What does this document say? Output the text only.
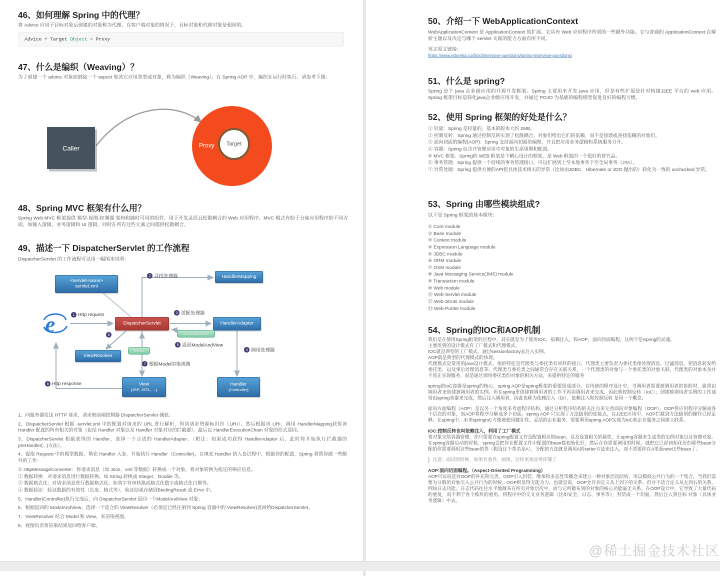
46、如何理解 Spring 中的代理？
将 Advice 应用于目标对象后创建的对象称为代理。在客户端对象的情况下，目标对象和代理对象是相同的。
Advice + Target Object = Proxy
47、什么是编织（Weaving）？
为了创建一个 advice 对象而链接一个 aspect 和其它应用类型或对象，称为编织（Weaving）。在 Spring AOP 中，编织在运行时执行。请参考下图：
Caller	Proxy Target
48、Spring MVC 框架有什么用？
Spring Web MVC 框架提供 模型-视图-控制器 架构和随时可用的组件，用于开发灵活且松散耦合的 Web 应用程序。MVC 模式有助于分离应用程序的不同方面，如输入逻辑，业务逻辑和 UI 逻辑，同时在所有这些元素之间提供松散耦合。
49、描述一下 DispatcherServlet 的工作流程
DispatcherServlet 的工作流程可以用一幅图来说明：
<servlet-name>
servlet.xml
HandlerMapping
DispatcherServlet	HandlerAdapter
ViewResolver
View
(JSP, JSTL, ...)
Handler
(Controller)
ModelAndView
Model
e 1 Http request
2 寻找处理器
3 适配处理器
4 调用处理器
5 返回ModelAndView
6
7 根据Model渲染视图
8 Http response
1、向服务器发送 HTTP 请求，请求被前端控制器 DispatcherServlet 捕获。
2、DispatcherServlet 根据 -servlet.xml 中的配置对请求的 URL 进行解析，得到请求资源标识符（URI）。然后根据该 URI，调用 HandlerMapping获得该 Handler 配置的所有相关的对象（包括 Handler 对象以及 Handler 对象对应的拦截器），最后以 HandlerExecutionChain 对象的形式返回。
3、DispatcherServlet 根据获得的 Handler，选择一个合适的 HandlerAdapter。（附注：如果成功获得 HandlerAdapter 后，此时将开始执行拦截器的 preHandler(...)方法）。
4、提取 Request 中的模型数据，填充 Handler 入参，开始执行 Handler（Controller)。在填充 Handler 的入参过程中，根据你的配置，Spring 将帮你做一些额外的工作：
① HttpMessageConverter：将请求消息（如 Json、xml 等数据）转换成一个对象，将对象转换为指定的响应信息。
② 数据转换：对请求消息进行数据转换。如 String 转换成 Integer、Double 等。
③ 数据格式化：对请求消息进行数据格式化。如将字符串转换成格式化数字或格式化日期等。
④ 数据验证：验证数据的有效性（长度、格式等），验证结果存储到BindingResult 或 Error 中。
5、Handler(Controller)执行完成后，向 DispatcherServlet 返回一个ModelAndView 对象；
6、根据返回的 ModelAndView，选择一个适合的 ViewResolver（必须是已经注册到 Spring 容器中的 ViewResolver)返回给DispatcherServlet。
7、ViewResolver 结合 Model 和 View，来渲染视图。
8、视图负责将渲染结果返回给客户端。
50、介绍一下 WebApplicationContext
WebApplicationContext 是 ApplicationContext 的扩展。它具有 Web 应用程序所需的一些额外功能。它与普通的 ApplicationContext 在解析主题以及决定与哪个 servlet 关联的能力方面有所不同。
英文原文链接：
https://www.edureka.co/blog/interview-questions/spring-interview-questions/
51、什么是 spring?
Spring 是个 java 企业级应用的开源开发框架。Spring 主要用来开发 java 应用，但是有些扩展是针对构建J2EE 平台的 web 应用。Spring 框架目标是简化java企业级应用开发，并通过 POJO 为基础的编程模型促进良好的编程习惯。
52、使用 Spring 框架的好处是什么？
① 轻量：Spring 是轻量的，基本的版本大约 2MB。
② 控制反转：Spring 通过控制反转实现了松散耦合，对象们给出它们的依赖，而不是创建或查找依赖的对象们。
③ 面向切面的编程(AOP)：Spring 支持面向切面的编程，并且把应用业务逻辑和系统服务分开。
④ 容器：Spring 包含并管理应用中对象的生命周期和配置。
⑤ MVC 框架：Spring的 WEB 框架是个精心设计的框架，是 Web 框架的一个很好的替代品。
⑥ 事务管理：Spring 提供一个持续的事务管理接口，可以扩展到上至本地事务下至全局事务（JTA）。
⑦ 异常处理：Spring 提供方便的API把具体技术相关的异常（比如由JDBC、Hibernate or JDO 抛出的）转化为一致的 unchecked 异常。
53、Spring 由哪些模块组成?
以下是 Spring 框架的基本模块：
① Core module
② Bean module
③ Context module
④ Expression Language module
⑤ JDBC module
⑥ ORM module
⑦ OXM module
⑧ Java Messaging Service(JMS) module
⑨ Transaction module
⑩ Web module
⑪ Web-Servlet module
⑫ Web-Struts module
⑬ Web-Portlet module
54、Spring的IOC和AOP机制
我们是在使用Spring框架的过程中，其实就是为了使用IOC，依赖注入，和AOP，面向切面编程，这两个是Spring的灵魂。
主要用到的设计模式有工厂模式和代理模式。
IOC就是典型的工厂模式，通过sessionfactory去注入实例。
AOP就是典型的代理模式的体现。
代理模式是常用的java设计模式，他的特征是代理类与委托类有同样的接口，代理类主要负责为委托类预处理消息、过滤消息、把消息转发给委托类，以及事后处理消息等。代理类与委托类之间通常会存在关联关系，一个代理类的对象与一个委托类的对象关联，代理类的对象本身并不真正实现服务，而是通过调用委托类的对象的相关方法，来提供特定的服务
spring的IoC容器是spring的核心，spring AOP是spring框架的重要组成部分。在传统的程序设计中，当调用者需要被调用者的协助时，通常由调用者来创建被调用者的实例。但在spring里创建被调用者的工作不再由调用者来完成，因此称控制反转（IoC）；创建被调用者实例的工作通常由spring容器来完成，然后注入调用者，因此也称为依赖注入（DI），依赖注入和控制反转 是同一个概念。
面向方面编程（AOP）是以另一个角度来考虑程序结构，通过分析程序结构的关注点来完善面向对象编程（OOP）。OOP将应用程序分解成各个层次的对象，而AOP将程序分解成多个切面。spring AOP 只实现了方法级别的连接点，在J2EE应用中，AOP拦截到方法级别的操作已经足够。在spring中，未来springIoC方便地使用健壮性、灵活的企业服务，需要利用spring AOP实现为IoC和企业服务之间建立联系。
IOC:控制反转也叫依赖注入，利用了工厂模式
将对象交给容器管理，你只需要在spring配置文件总配置相应的bean，以及设置相关的属性，让spring容器来生成类的实例对象以及管理对象。在spring容器启动的时候，spring会把你在配置文件中配置的bean都初始化好，然后在你需要调用的时候，就把它已经初始化好的那些bean分配给你需要调用这些bean的类（假设这个类名是A），分配的方法就是调用A的setter方法来注入，而不需要你在A里面new这些bean了。
注意：面试的时候，如果有条件，画图，这样更加显得你懂了
AOP:面向切面编程。（Aspect-Oriented Programming）
AOP可以说是对OOP的补充和完善。OOP引入封装、继承和多态性等概念来建立一种对象层次结构，用以模拟公共行为的一个集合。当我们需要为分散的对象引入公共行为的时候，OOP则显得无能为力。也就是说，OOP允许你定义从上到下的关系，但并不适合定义从左到右的关系。例如日志功能。日志代码往往水平地散布在所有对象层次中，而与它所散布到的对象的核心功能毫无关系。在OOP设计中，它导致了大量代码的重复，而不利于各个模块的重用。将程序中的交叉业务逻辑（比如安全、日志、事务等），封装成一个切面，然后注入到目标 对象（具体业务逻辑）中去。
@稀土掘金技术社区
